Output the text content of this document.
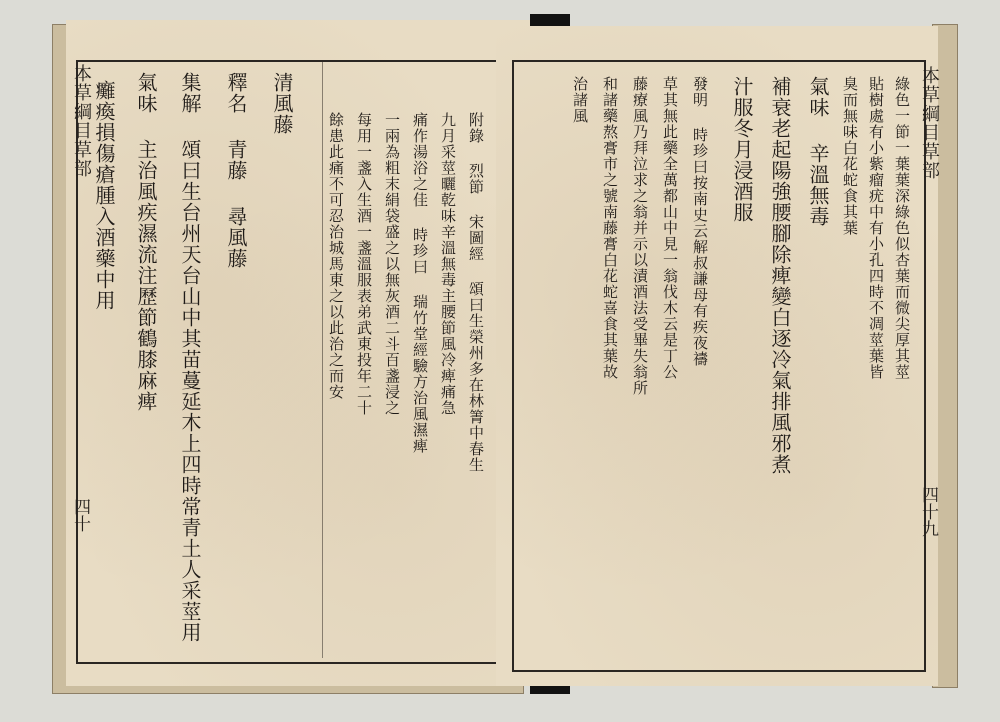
本草綱目草部
四十
癱瘓損傷瘡腫入酒藥中用 氣味 主治風疾濕流注歷節鶴膝麻痺 集解 頌曰生台州天台山中其苗蔓延木上四時常青土人采莖用 釋名 青藤 尋風藤 清風藤
餘患此痛不可忍治城馬東之以此治之而安 每用一盞入生酒一盞溫服表弟武東投年二十 一兩為粗末絹袋盛之以無灰酒二斗百盞浸之 痛作湯浴之佳 時珍曰 瑞竹堂經驗方治風濕痺 九月采莖曬乾味辛溫無毒主腰節風冷痺痛急 附錄 烈節 宋圖經 頌曰生榮州多在林箐中春生	本草綱目草部
四十九
綠色一節一葉葉深綠色似杏葉而微尖厚其莖
貼樹處有小紫瘤疣中有小孔四時不凋莖葉皆
臭而無味白花蛇食其葉
氣味 辛溫無毒
補衰老起陽強腰腳除痺變白逐冷氣排風邪煮
汁服冬月浸酒服
發明 時珍曰按南史云解叔謙母有疾夜禱
草其無此藥全萬都山中見一翁伐木云是丁公
藤療風乃拜泣求之翁并示以漬酒法受畢失翁所
和諸藥熬膏市之號南藤膏白花蛇喜食其葉故
治諸風
